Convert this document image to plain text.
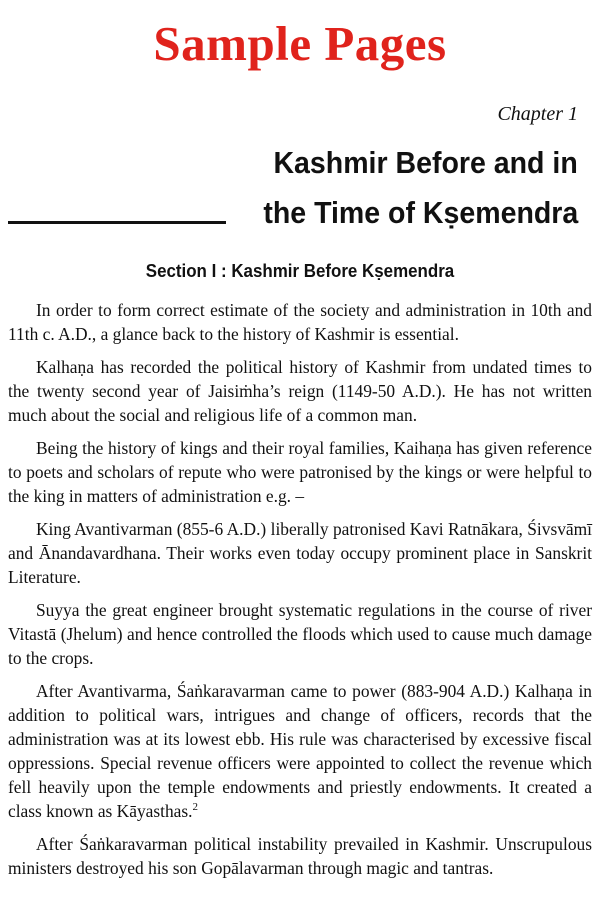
Sample Pages
Chapter 1
Kashmir Before and in
the Time of Kṣemendra
Section I : Kashmir Before Kṣemendra

In order to form correct estimate of the society and administration in 10th and 11th c. A.D., a glance back to the history of Kashmir is essential.

Kalhaṇa has recorded the political history of Kashmir from undated times to the twenty second year of Jaisiṁha’s reign (1149-50 A.D.). He has not written much about the social and religious life of a common man.

Being the history of kings and their royal families, Kaihaṇa has given reference to poets and scholars of repute who were patronised by the kings or were helpful to the king in matters of administration e.g. –

King Avantivarman (855-6 A.D.) liberally patronised Kavi Ratnākara, Śivsvāmī and Ānandavardhana. Their works even today occupy prominent place in Sanskrit Literature.

Suyya the great engineer brought systematic regulations in the course of river Vitastā (Jhelum) and hence controlled the floods which used to cause much damage to the crops.

After Avantivarma, Śaṅkaravarman came to power (883-904 A.D.) Kalhaṇa in addition to political wars, intrigues and change of officers, records that the administration was at its lowest ebb. His rule was characterised by excessive fiscal oppressions. Special revenue officers were appointed to collect the revenue which fell heavily upon the temple endowments and priestly endowments. It created a class known as Kāyasthas.$^2$

After Śaṅkaravarman political instability prevailed in Kashmir. Unscrupulous ministers destroyed his son Gopālavarman through magic and tantras.
